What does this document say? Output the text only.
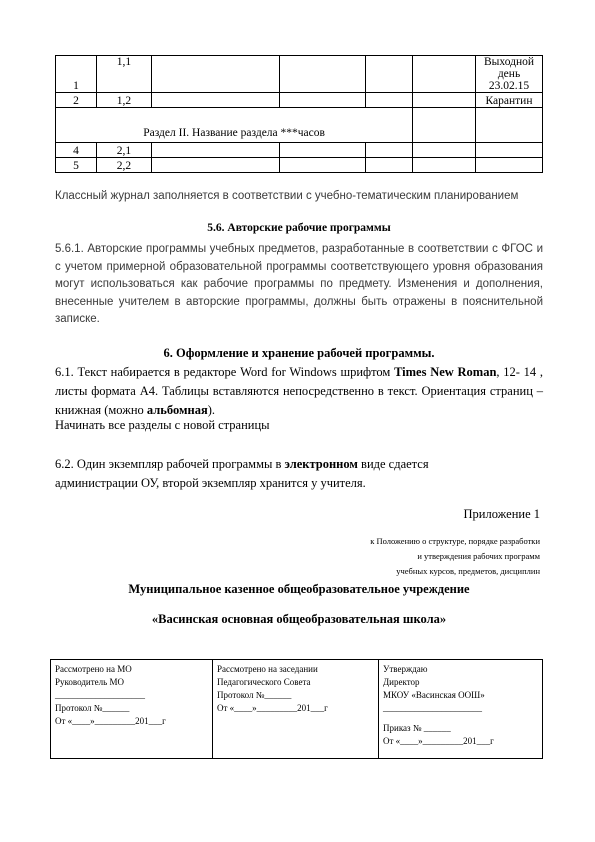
1	1,1					Выходной день
23.02.15

2	1,2					Карантин
Раздел II. Название раздела ***часов						
4	2,1					
5	2,2					

Классный журнал заполняется в соответствии с учебно-тематическим планированием

5.6. Авторские рабочие программы

5.6.1. Авторские программы учебных предметов, разработанные в соответствии с ФГОС и с учетом примерной образовательной программы соответствующего уровня образования могут использоваться как рабочие программы по предмету. Изменения и дополнения, внесенные учителем в авторские программы, должны быть отражены в пояснительной записке.

6. Оформление и хранение рабочей программы.

6.1. Текст набирается в редакторе Word for Windows шрифтом Times New Roman, 12- 14 , листы формата А4. Таблицы вставляются непосредственно в текст. Ориентация страниц – книжная (можно альбомная).

Начинать все разделы с новой страницы

6.2. Один экземпляр рабочей программы в электронном виде сдается администрации ОУ, второй экземпляр хранится у учителя.

Приложение 1

к Положению о структуре, порядке разработки
и утверждения рабочих программ
учебных курсов, предметов, дисциплин

Муниципальное казенное общеобразовательное учреждение

«Васинская основная общеобразовательная школа»

Рассмотрено на МО
Руководитель МО
____________________
Протокол №______
От «____»_________201___г
Рассмотрено на заседании
Педагогического Совета
Протокол №______
От «____»_________201___г
Утверждаю
Директор
МКОУ «Васинская ООШ»
______________________
Приказ № ______
От «____»_________201___г
